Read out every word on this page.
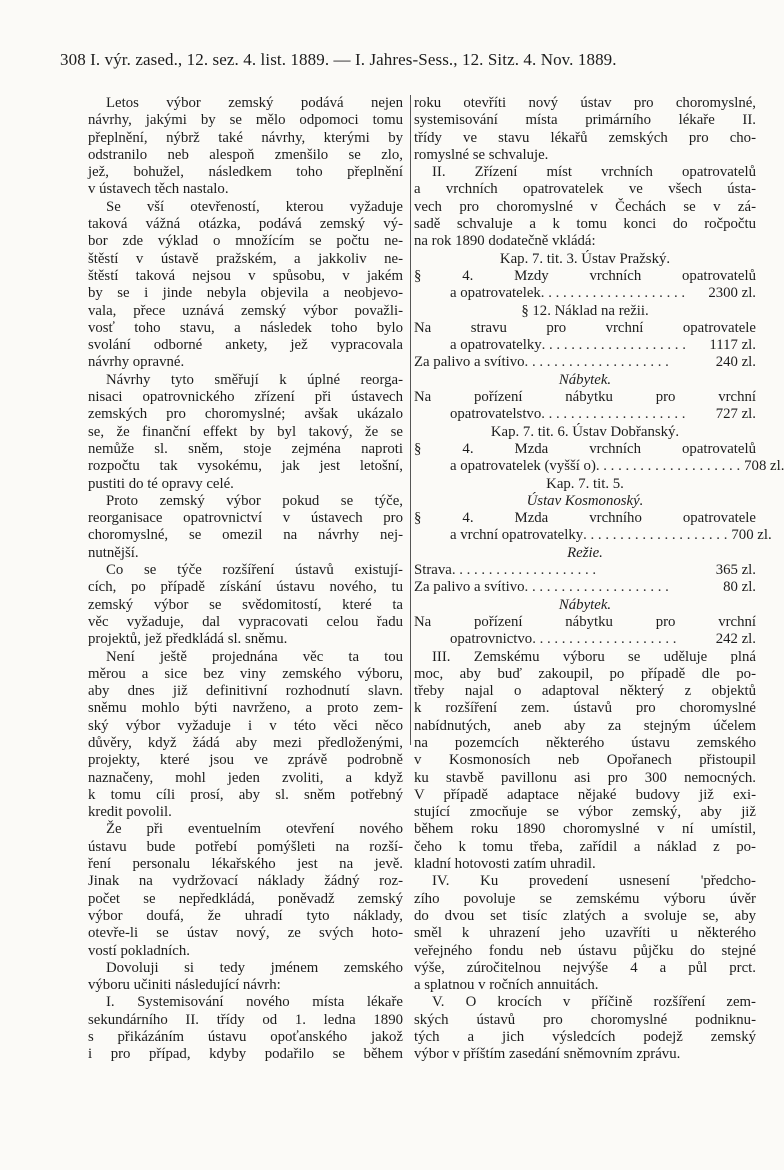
308 I. výr. zased., 12. sez. 4. list. 1889. — I. Jahres-Sess., 12. Sitz. 4. Nov. 1889.
Letos výbor zemský podává nejen
návrhy, jakými by se mělo odpomoci tomu
přeplnění, nýbrž také návrhy, kterými by
odstranilo neb alespoň zmenšilo se zlo,
jež, bohužel, následkem toho přeplnění
v ústavech těch nastalo.
Se vší otevřeností, kterou vyžaduje
taková vážná otázka, podává zemský vý-
bor zde výklad o množícím se počtu ne-
štěstí v ústavě pražském, a jakkoliv ne-
štěstí taková nejsou v spůsobu, v jakém
by se i jinde nebyla objevila a neobjevo-
vala, přece uznává zemský výbor považli-
vosť toho stavu, a následek toho bylo
svolání odborné ankety, jež vypracovala
návrhy opravné.
Návrhy tyto směřují k úplné reorga-
nisaci opatrovnického zřízení při ústavech
zemských pro choromyslné; avšak ukázalo
se, že finanční effekt by byl takový, že se
nemůže sl. sněm, stoje zejména naproti
rozpočtu tak vysokému, jak jest letošní,
pustiti do té opravy celé.
Proto zemský výbor pokud se týče,
reorganisace opatrovnictví v ústavech pro
choromyslné, se omezil na návrhy nej-
nutnější.
Co se týče rozšíření ústavů existují-
cích, po případě získání ústavu nového, tu
zemský výbor se svědomitostí, které ta
věc vyžaduje, dal vypracovati celou řadu
projektů, jež předkládá sl. sněmu.
Není ještě projednána věc ta tou
měrou a sice bez viny zemského výboru,
aby dnes již definitivní rozhodnutí slavn.
sněmu mohlo býti navrženo, a proto zem-
ský výbor vyžaduje i v této věci něco
důvěry, když žádá aby mezi předloženými,
projekty, které jsou ve zprávě podrobně
naznačeny, mohl jeden zvoliti, a když
k tomu cíli prosí, aby sl. sněm potřebný
kredit povolil.
Že při eventuelním otevření nového
ústavu bude potřebí pomýšleti na rozší-
ření personalu lékařského jest na jevě.
Jinak na vydržovací náklady žádný roz-
počet se nepředkládá, poněvadž zemský
výbor doufá, že uhradí tyto náklady,
otevře-li se ústav nový, ze svých hoto-
vostí pokladních.
Dovoluji si tedy jménem zemského
výboru učiniti následující návrh:
I. Systemisování nového místa lékaře
sekundárního II. třídy od 1. ledna 1890
s přikázáním ústavu opoťanského jakož
i pro případ, kdyby podařilo se během
roku otevříti nový ústav pro choromyslné,
systemisování místa primárního lékaře II.
třídy ve stavu lékařů zemských pro cho-
romyslné se schvaluje.
II. Zřízení míst vrchních opatrovatelů
a vrchních opatrovatelek ve všech ústa-
vech pro choromyslné v Čechách se v zá-
sadě schvaluje a k tomu konci do ročpočtu
na rok 1890 dodatečně vkládá:
Kap. 7. tit. 3. Ústav Pražský.
§ 4. Mzdy vrchních opatrovatelů
a opatrovatelek . . . . . . . . . . . . . . . . . . . .	2300 zl.
§ 12. Náklad na režii.
Na stravu pro vrchní opatrovatele
a opatrovatelky . . . . . . . . . . . . . . . . . . . .	1117 zl.
Za palivo a svítivo . . . . . . . . . . . . . . . . . . . .	240 zl.
Nábytek.
Na pořízení nábytku pro vrchní
opatrovatelstvo . . . . . . . . . . . . . . . . . . . .	727 zl.
Kap. 7. tit. 6. Ústav Dobřanský.
§ 4. Mzda vrchních opatrovatelů
a opatrovatelek (vyšší o) . . . . . . . . . . . . . . . . . . . . 708 zl.
Kap. 7. tit. 5.
Ústav Kosmonoský.
§ 4. Mzda vrchního opatrovatele
a vrchní opatrovatelky . . . . . . . . . . . . . . . . . . . . 700 zl.
Režie.
Strava . . . . . . . . . . . . . . . . . . . .	365 zl.
Za palivo a svítivo . . . . . . . . . . . . . . . . . . . .	80 zl.
Nábytek.
Na pořízení nábytku pro vrchní
opatrovnictvo . . . . . . . . . . . . . . . . . . . .	242 zl.
III. Zemskému výboru se uděluje plná
moc, aby buď zakoupil, po případě dle po-
třeby najal o adaptoval některý z objektů
k rozšíření zem. ústavů pro choromyslné
nabídnutých, aneb aby za stejným účelem
na pozemcích některého ústavu zemského
v Kosmonosích neb Opořanech přistoupil
ku stavbě pavillonu asi pro 300 nemocných.
V případě adaptace nějaké budovy již exi-
stující zmocňuje se výbor zemský, aby již
během roku 1890 choromyslné v ní umístil,
čeho k tomu třeba, zařídil a náklad z po-
kladní hotovosti zatím uhradil.
IV. Ku provedení usnesení 'předcho-
zího povoluje se zemskému výboru úvěr
do dvou set tisíc zlatých a svoluje se, aby
směl k uhrazení jeho uzavříti u některého
veřejného fondu neb ústavu půjčku do stejné
výše, zúročitelnou nejvýše 4 a půl prct.
a splatnou v ročních annuitách.
V. O krocích v příčině rozšíření zem-
ských ústavů pro choromyslné podniknu-
tých a jich výsledcích podejž zemský
výbor v příštím zasedání sněmovním zprávu.
